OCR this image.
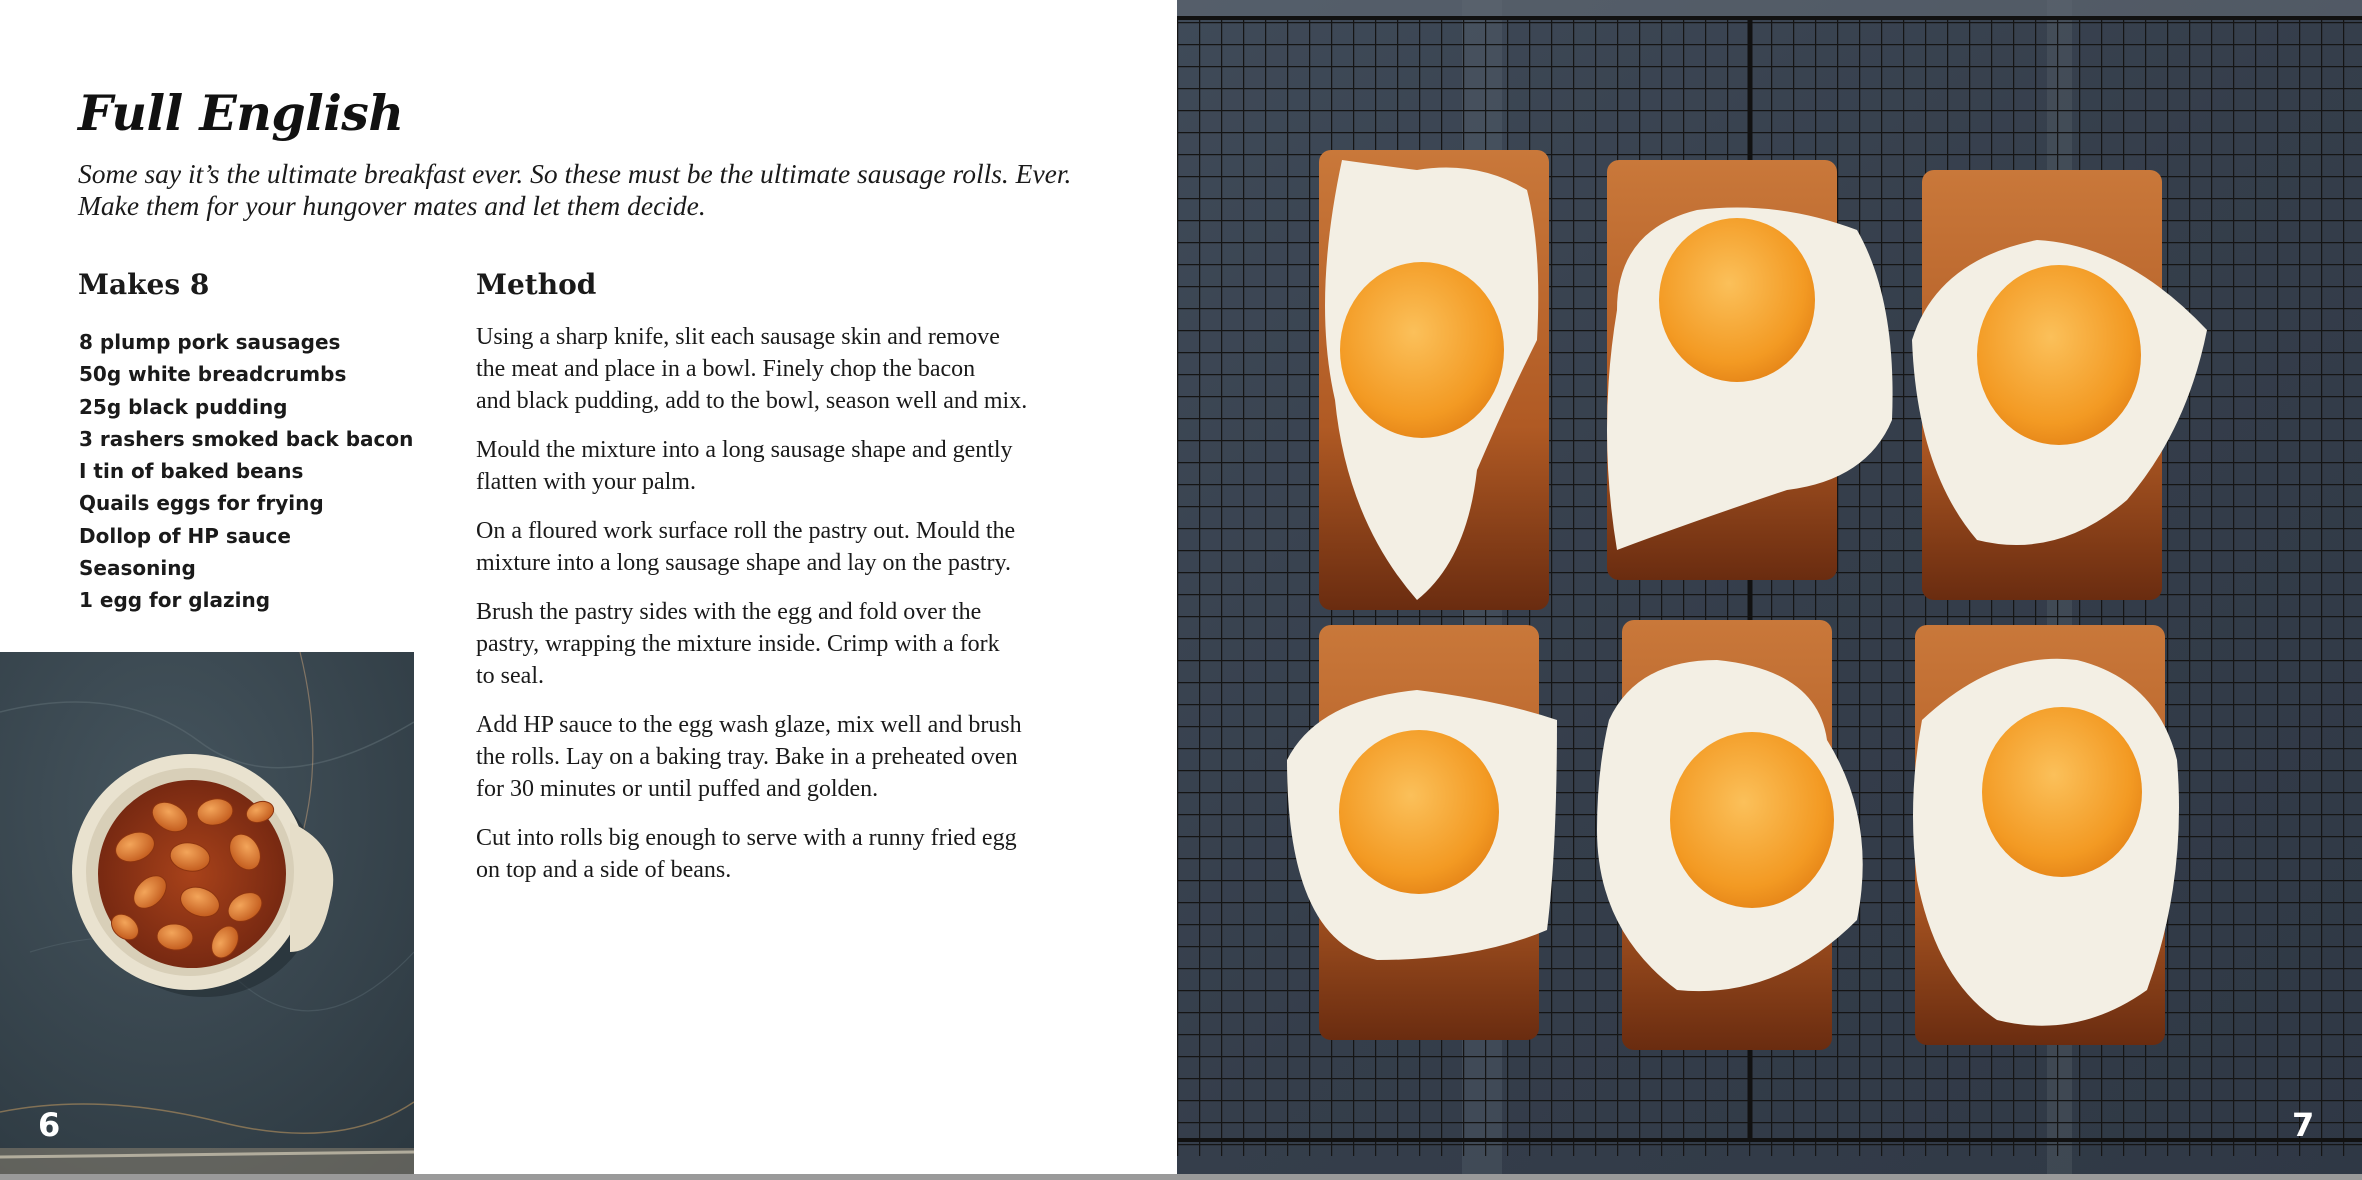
Full English

Some say it’s the ultimate breakfast ever. So these must be the ultimate sausage rolls. Ever.

Make them for your hungover mates and let them decide.

Makes 8
8 plump pork sausages
50g white breadcrumbs
25g black pudding
3 rashers smoked back bacon
I tin of baked beans
Quails eggs for frying
Dollop of HP sauce
Seasoning
1 egg for glazing
Method

Using a sharp knife, slit each sausage skin and remove
the meat and place in a bowl. Finely chop the bacon
and black pudding, add to the bowl, season well and mix.

Mould the mixture into a long sausage shape and gently
flatten with your palm.

On a floured work surface roll the pastry out. Mould the
mixture into a long sausage shape and lay on the pastry.

Brush the pastry sides with the egg and fold over the
pastry, wrapping the mixture inside. Crimp with a fork
to seal.

Add HP sauce to the egg wash glaze, mix well and brush
the rolls. Lay on a baking tray. Bake in a preheated oven
for 30 minutes or until puffed and golden.

Cut into rolls big enough to serve with a runny fried egg
on top and a side of beans.

6	7
